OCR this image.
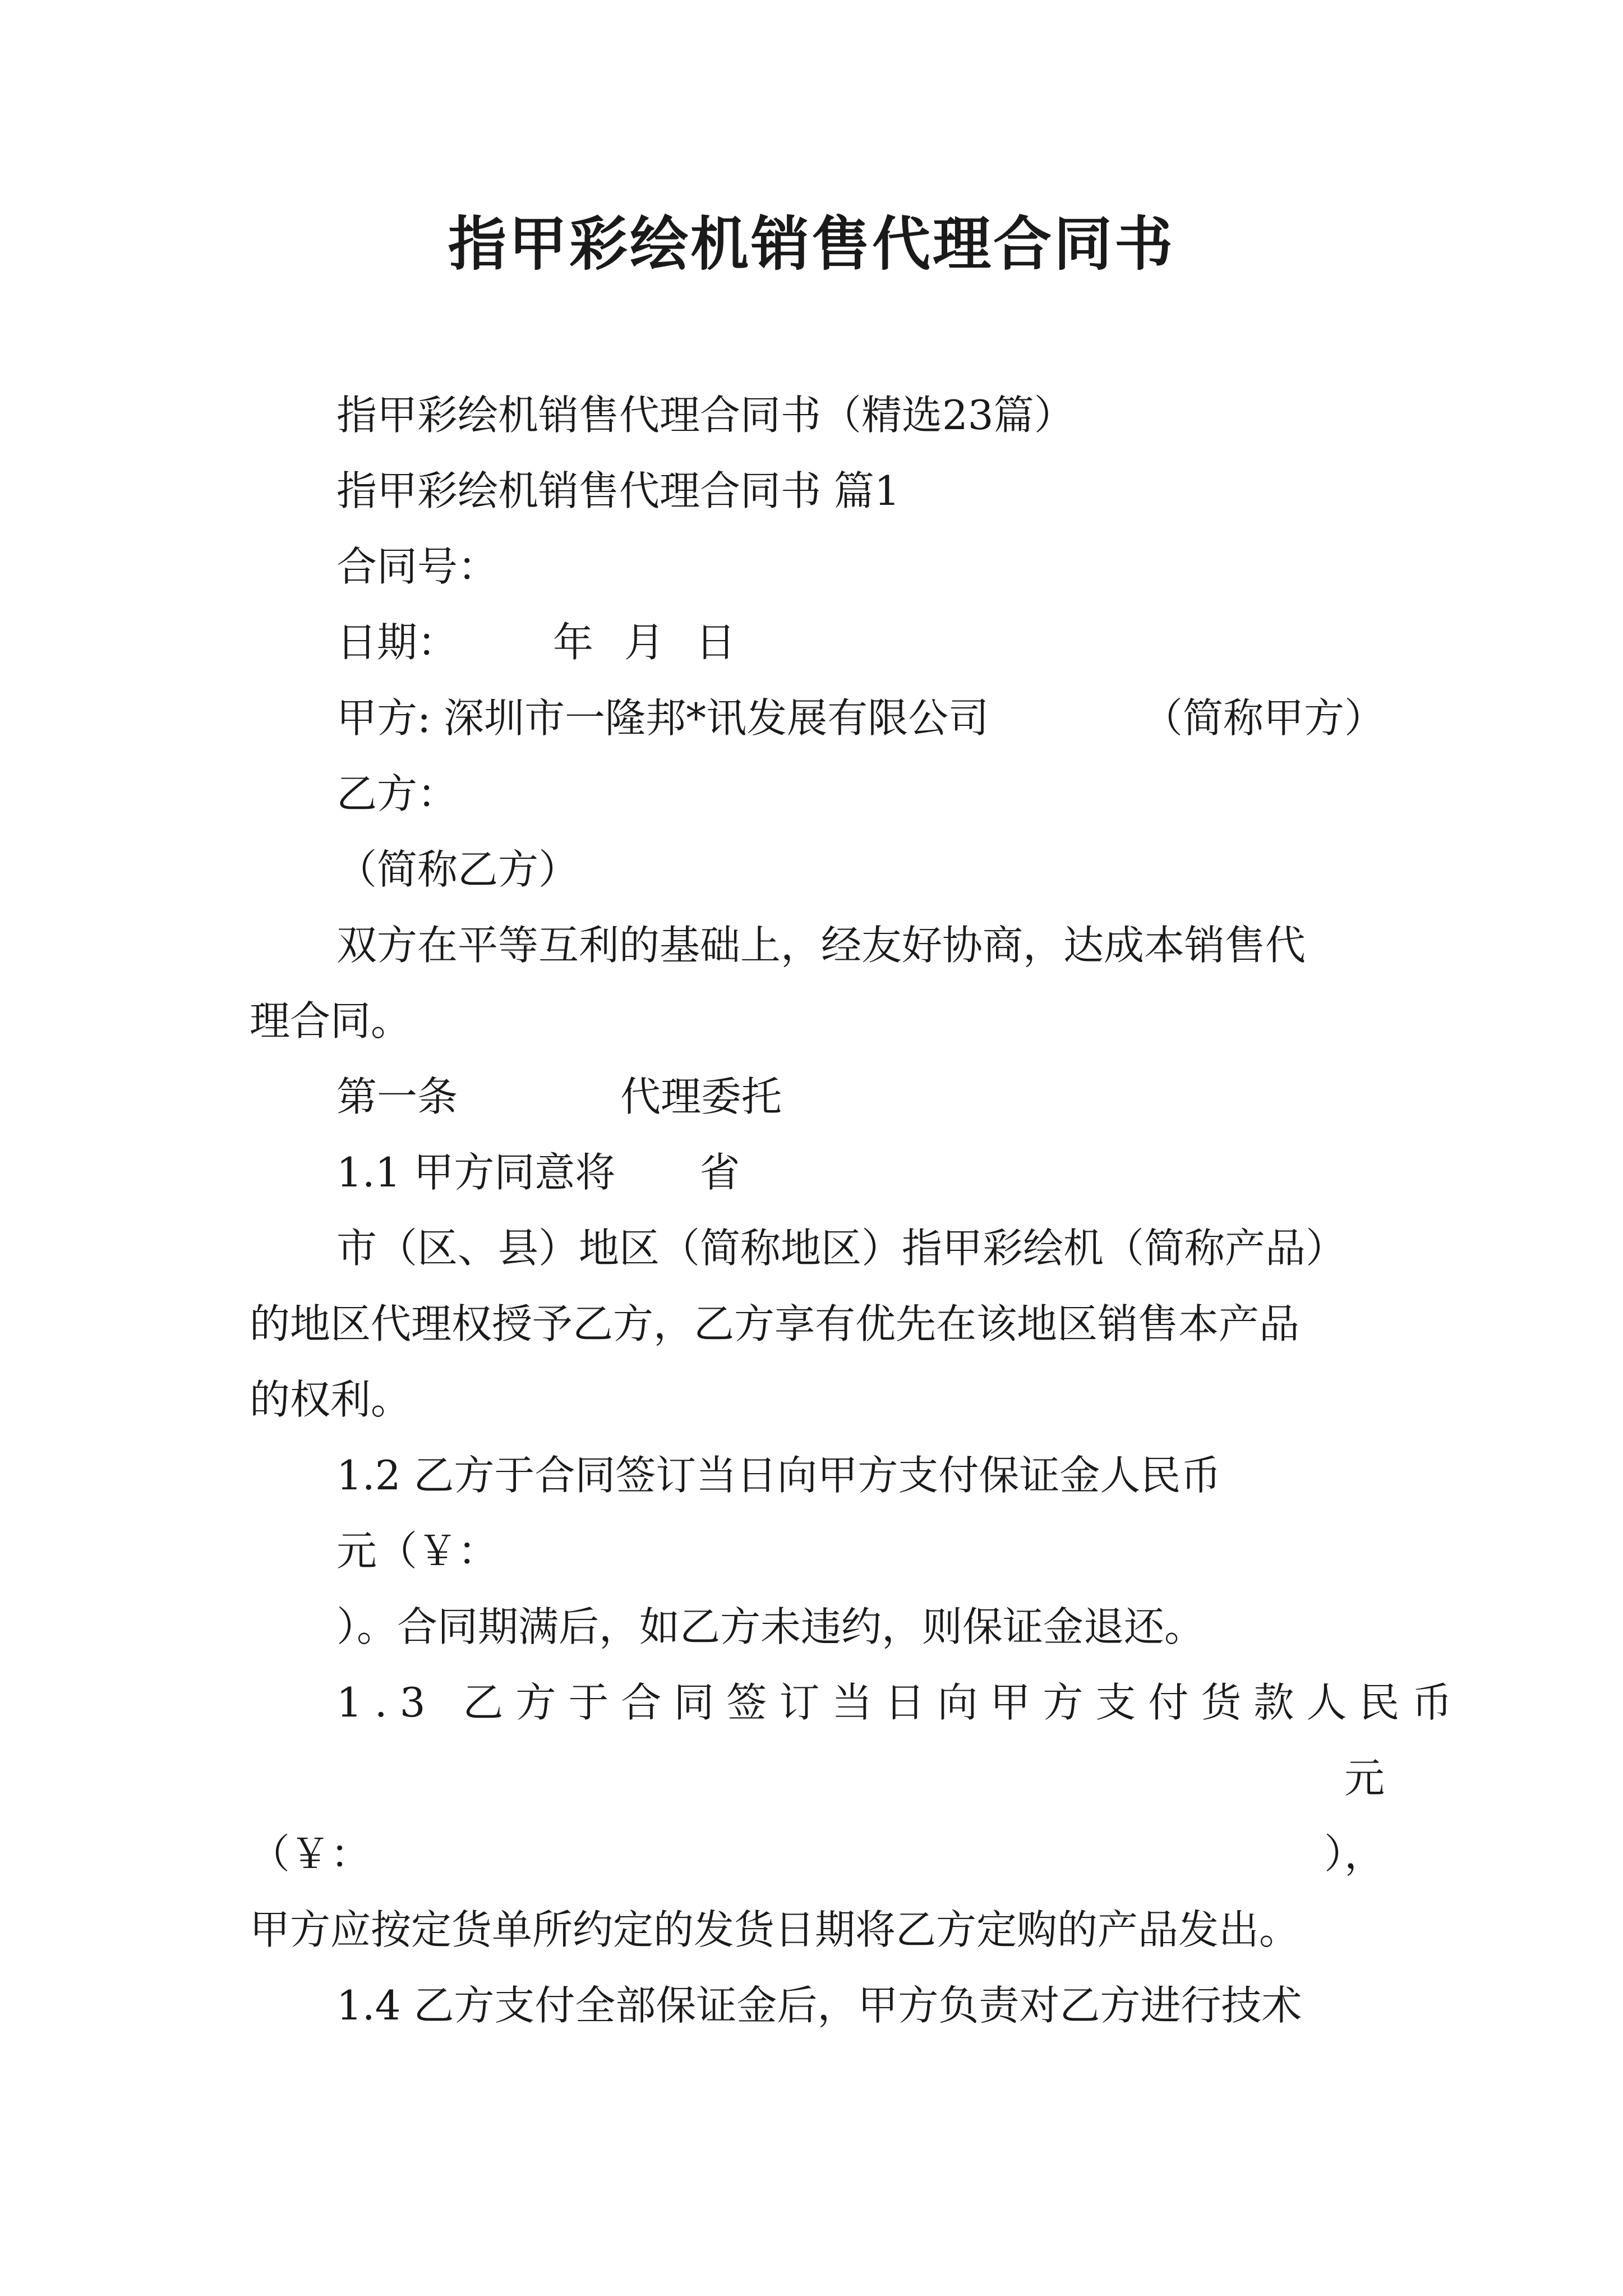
指甲彩绘机销售代理合同书
指甲彩绘机销售代理合同书（精选23篇）
指甲彩绘机销售代理合同书 篇1
合同号：
日期： 年 月 日
甲方: 深圳市一隆邦*讯发展有限公司	（简称甲方）
乙方：
（简称乙方）
双方在平等互利的基础上，经友好协商，达成本销售代
理合同。
第一条	代理委托
1.1 甲方同意将 省
市（区、县）地区（简称地区）指甲彩绘机（简称产品）
的地区代理权授予乙方，乙方享有优先在该地区销售本产品
的权利。
1.2 乙方于合同签订当日向甲方支付保证金人民币
元（￥：
）。合同期满后，如乙方未违约，则保证金退还。
1.3 乙方于合同签订当日向甲方支付货款人民币
元
（￥：	），
甲方应按定货单所约定的发货日期将乙方定购的产品发出。
1.4 乙方支付全部保证金后，甲方负责对乙方进行技术
